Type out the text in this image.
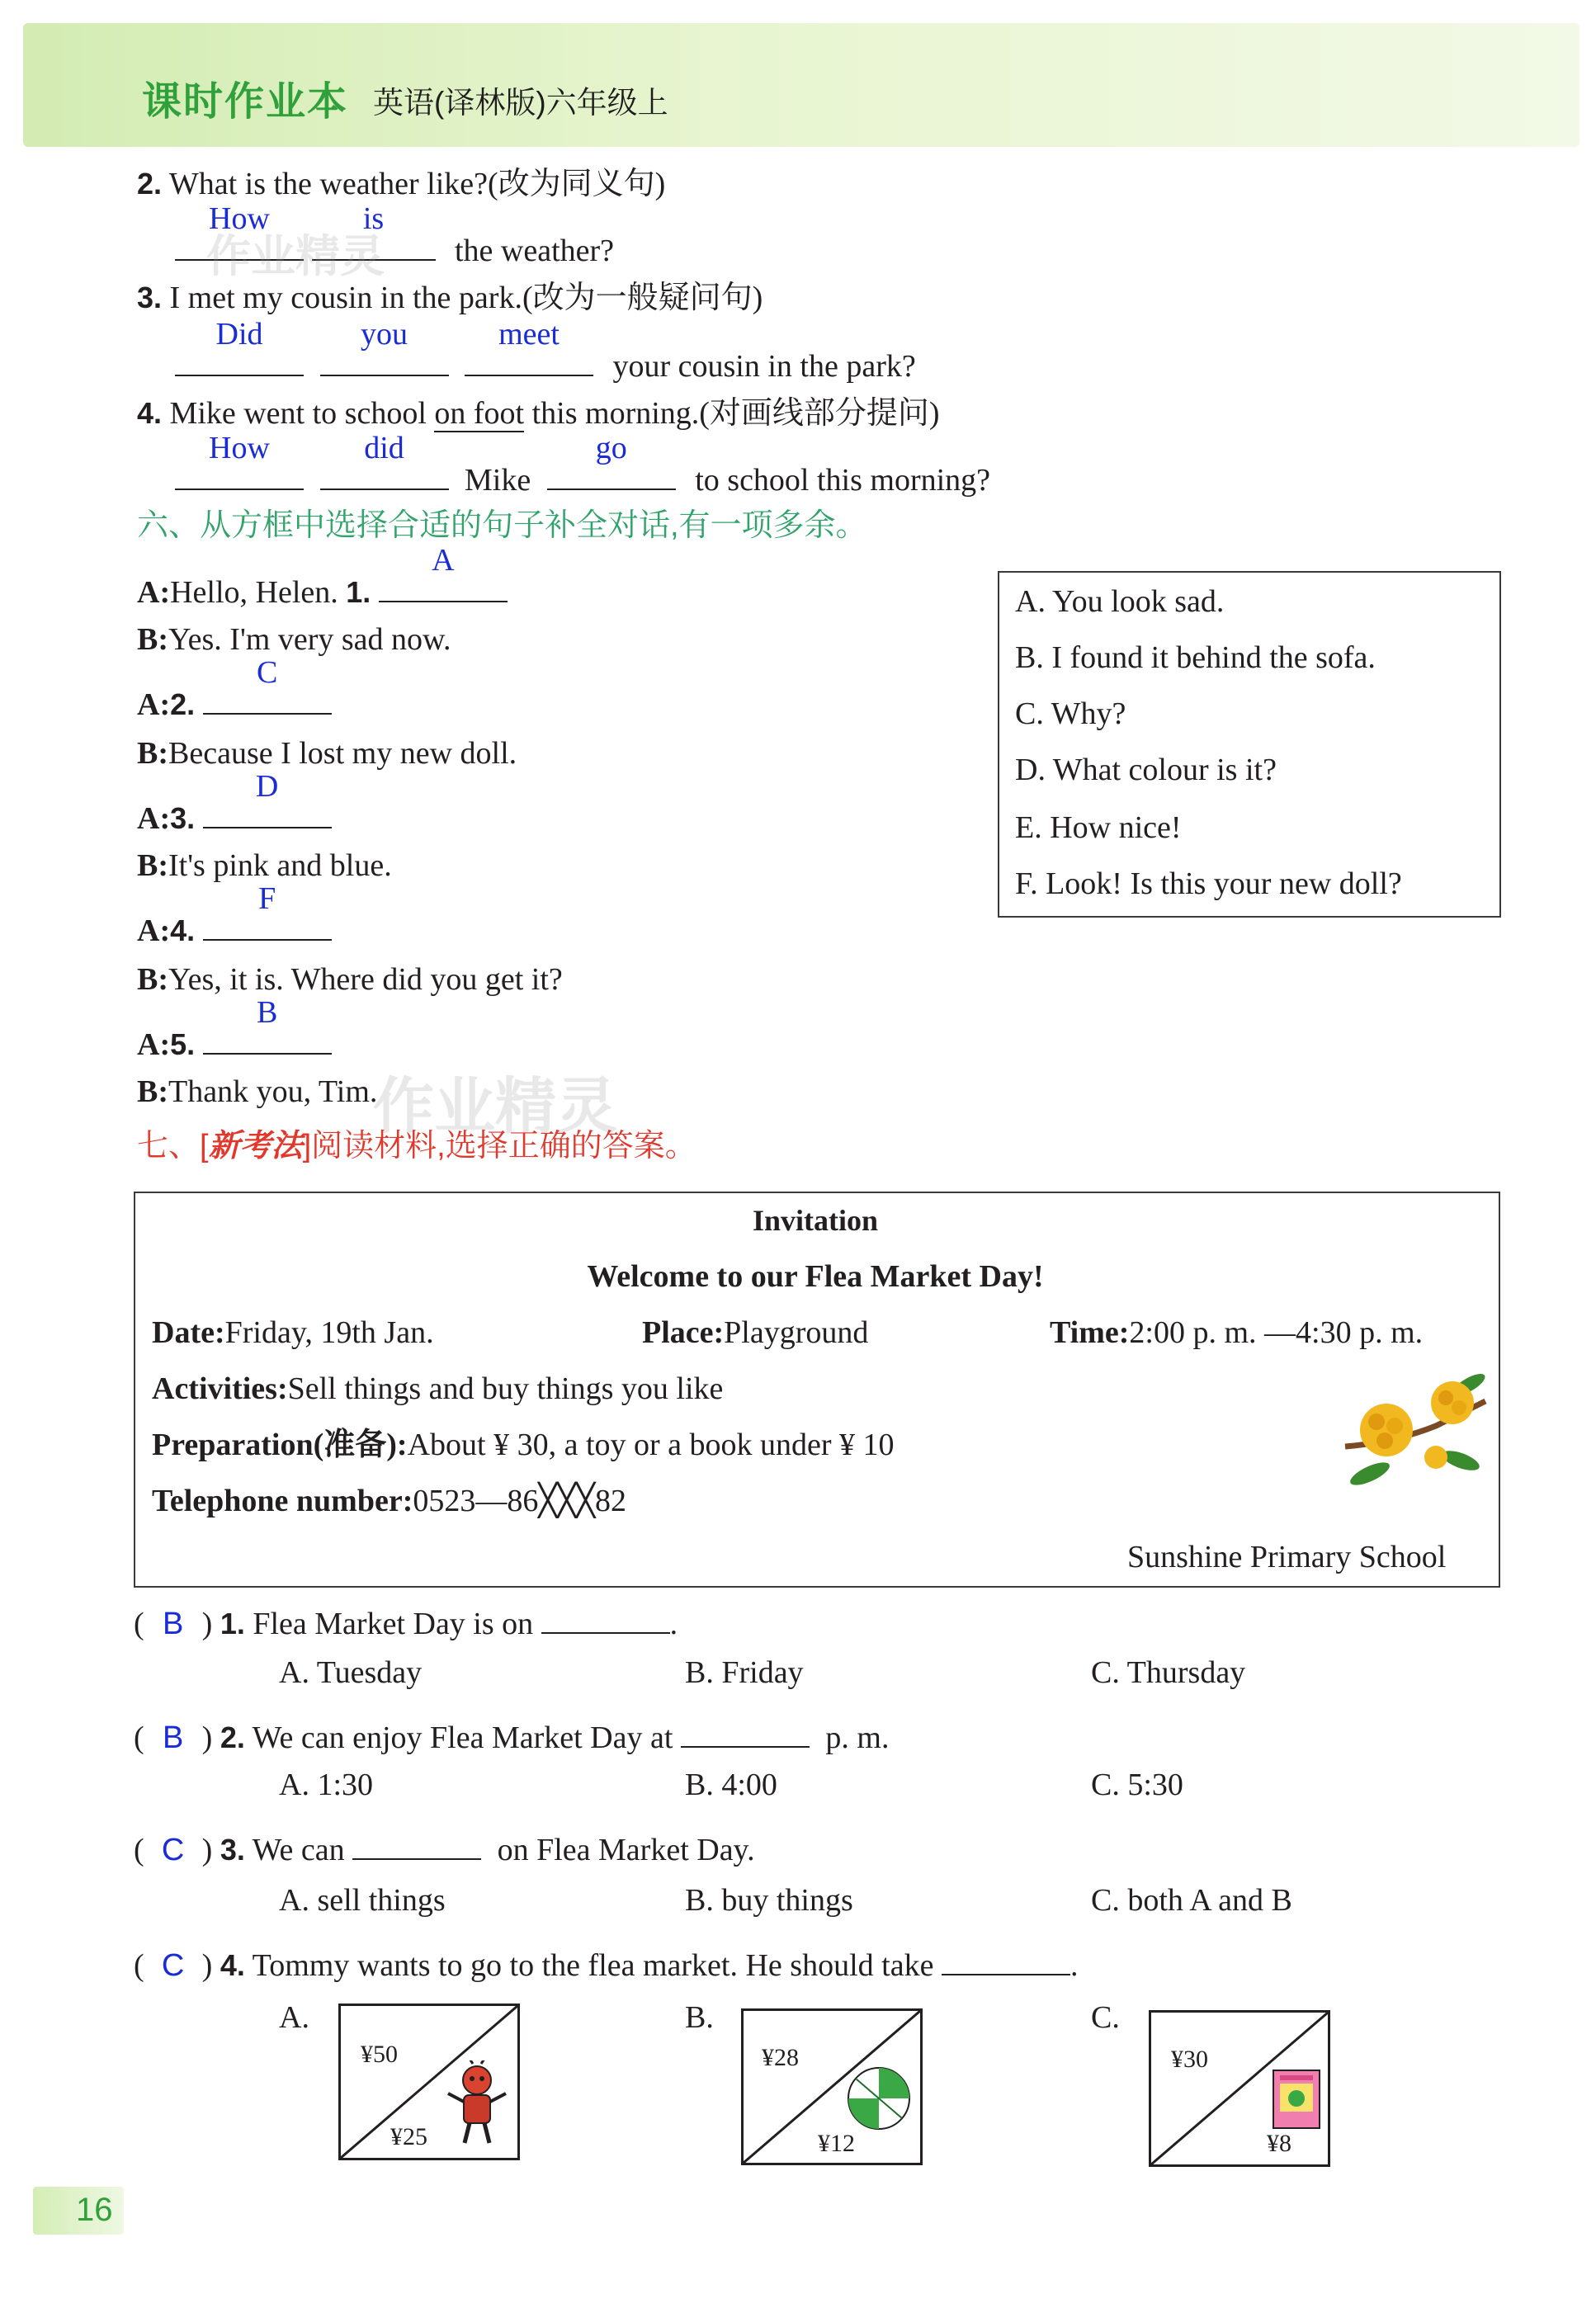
课时作业本 英语(译林版)六年级上
2. What is the weather like?(改为同义句)
How
	is
the weather?
3. I met my cousin in the park.(改为一般疑问句)
Did
	you
	meet
your cousin in the park?
4. Mike went to school on foot this morning.(对画线部分提问)
How
	did
Mike
go
to school this morning?
六、从方框中选择合适的句子补全对话,有一项多余。
A:Hello, Helen. 1.
A
B:Yes. I'm very sad now.
A:2.
C
B:Because I lost my new doll.
A:3.
D
B:It's pink and blue.
A:4.
F
B:Yes, it is. Where did you get it?
A:5.
B
B:Thank you, Tim.
A. You look sad.
B. I found it behind the sofa.
C. Why?
D. What colour is it?
E. How nice!
F. Look! Is this your new doll?
作业精灵
作业精灵
七、[新考法]阅读材料,选择正确的答案。
Invitation
Welcome to our Flea Market Day!
Date:Friday, 19th Jan.	Place:Playground	Time:2:00 p. m. —4:30 p. m.
Activities:Sell things and buy things you like
Preparation(准备):About ¥ 30, a toy or a book under ¥ 10
Telephone number:0523—86╳╳╳82
Sunshine Primary School
( B ) 1. Flea Market Day is on	.
A. Tuesday	B. Friday	C. Thursday
( B ) 2. We can enjoy Flea Market Day at	p. m.
A. 1:30	B. 4:00	C. 5:30
( C ) 3. We can	on Flea Market Day.
A. sell things	B. buy things	C. both A and B
( C ) 4. Tommy wants to go to the flea market. He should take	.
A.	B.	C.
¥50
¥25
¥28
¥12
¥30
¥8
16
